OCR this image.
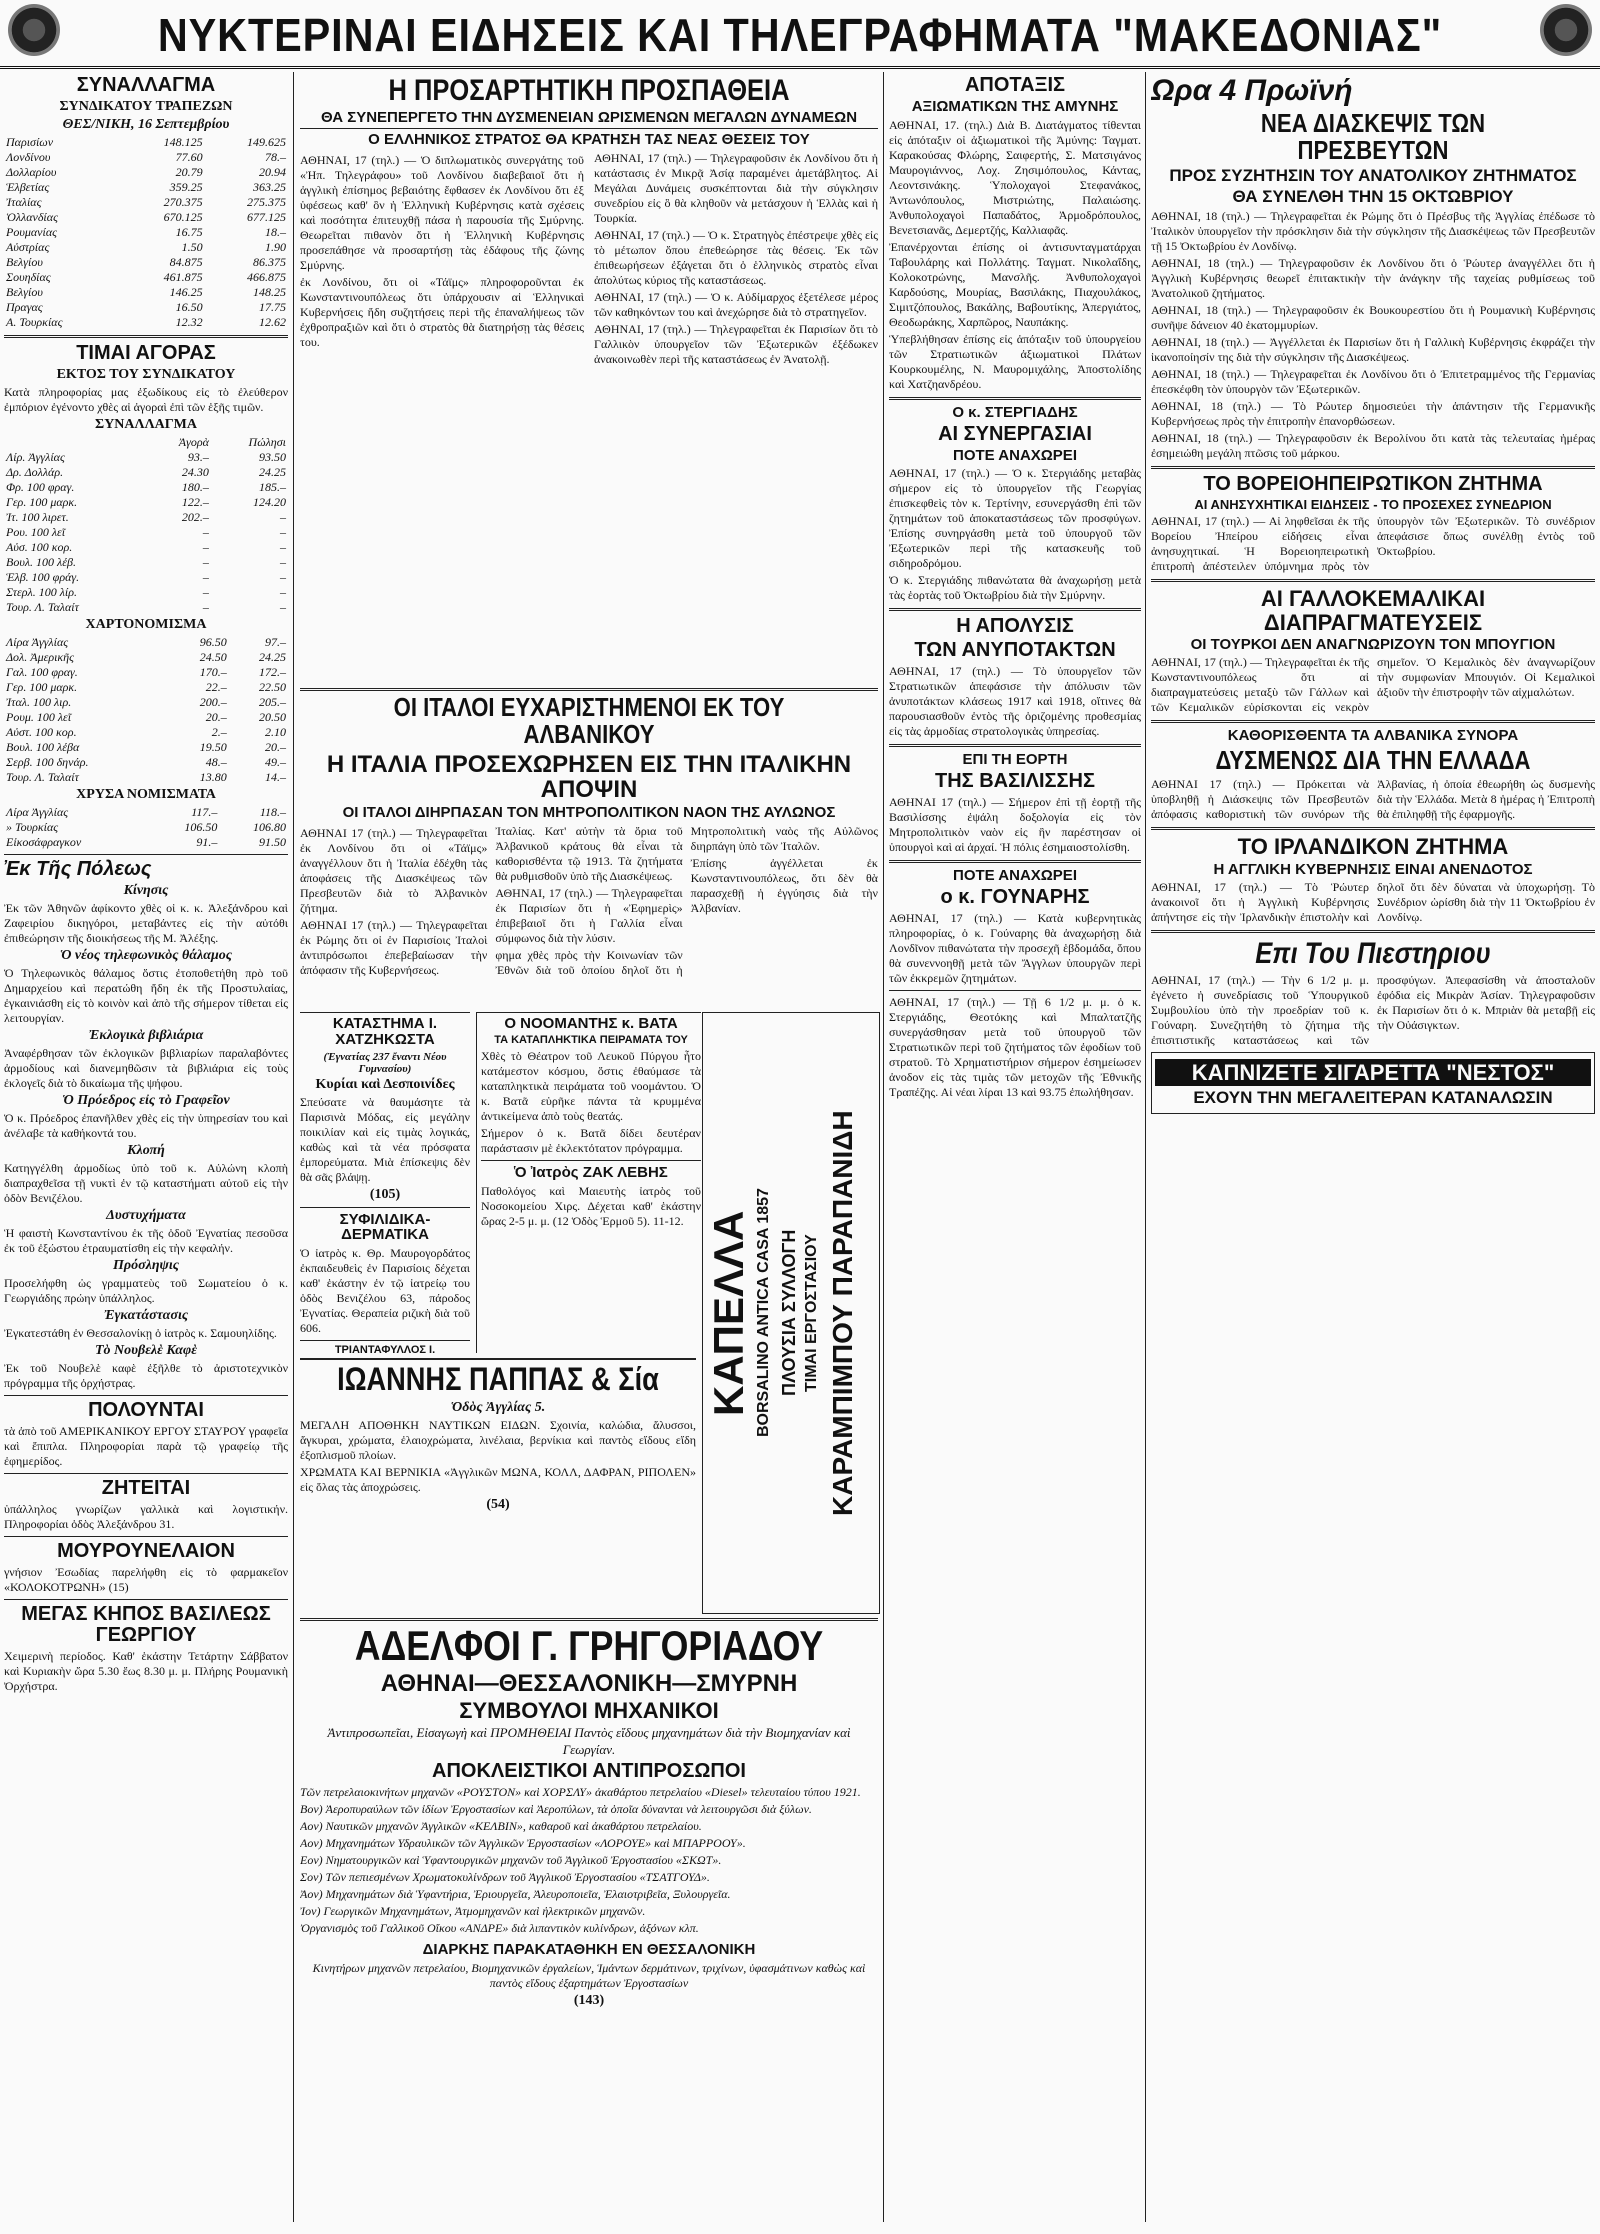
ΝΥΚΤΕΡΙΝΑΙ ΕΙΔΗΣΕΙΣ ΚΑΙ ΤΗΛΕΓΡΑΦΗΜΑΤΑ "ΜΑΚΕΔΟΝΙΑΣ"
ΣΥΝΑΛΛΑΓΜΑ
ΣΥΝΔΙΚΑΤΟΥ ΤΡΑΠΕΖΩΝ
ΘΕΣ/ΝΙΚΗ, 16 Σεπτεμβρίου
Παρισίων	148.125	149.625
Λονδίνου	77.60	78.–
Δολλαρίου	20.79	20.94
Ἑλβετίας	359.25	363.25
Ἰταλίας	270.375	275.375
Ὁλλανδίας	670.125	677.125
Ρουμανίας	16.75	18.–
Αὐστρίας	1.50	1.90
Βελγίου	84.875	86.375
Σουηδίας	461.875	466.875
Βελγίου	146.25	148.25
Πραγας	16.50	17.75
Α. Τουρκίας	12.32	12.62
ΤΙΜΑΙ ΑΓΟΡΑΣ
ΕΚΤΟΣ ΤΟΥ ΣΥΝΔΙΚΑΤΟΥ
Κατὰ πληροφορίας μας ἐξωδίκους εἰς τὸ ἐλεύθερον ἐμπόριον ἐγένοντο χθὲς αἱ ἀγοραὶ ἐπὶ τῶν ἑξῆς τιμῶν.
ΣΥΝΑΛΛΑΓΜΑ
	Ἀγορὰ	Πώλησι
Λίρ. Ἀγγλίας	93.–	93.50
Δρ. Δολλάρ.	24.30	24.25
Φρ. 100 φραγ.	180.–	185.–
Γερ. 100 μαρκ.	122.–	124.20
Ἰτ. 100 λιρετ.	202.–	–
Ρου. 100 λεῖ	–	–
Αὐσ. 100 κορ.	–	–
Βουλ. 100 λέβ.	–	–
Ἑλβ. 100 φράγ.	–	–
Στερλ. 100 λίρ.	–	–
Τουρ. Λ. Ταλαίτ	–	–
ΧΑΡΤΟΝΟΜΙΣΜΑ
Λίρα Ἀγγλίας	96.50	97.–
Δολ. Ἀμερικῆς	24.50	24.25
Γαλ. 100 φραγ.	170.–	172.–
Γερ. 100 μαρκ.	22.–	22.50
Ἰταλ. 100 λιρ.	200.–	205.–
Ρουμ. 100 λεῖ	20.–	20.50
Αὐστ. 100 κορ.	2.–	2.10
Βουλ. 100 λέβα	19.50	20.–
Σερβ. 100 δηνάρ.	48.–	49.–
Τουρ. Λ. Ταλαίτ	13.80	14.–
ΧΡΥΣΑ ΝΟΜΙΣΜΑΤΑ
Λίρα Ἀγγλίας	117.–	118.–
» Τουρκίας	106.50	106.80
Εἰκοσάφραγκον	91.–	91.50
Ἐκ Τῆς Πόλεως
Κίνησις
Ἐκ τῶν Ἀθηνῶν ἀφίκοντο χθὲς οἱ κ. κ. Ἀλεξάνδρου καὶ Ζαφειρίου δικηγόροι, μεταβάντες εἰς τὴν αὐτόθι ἐπιθεώρησιν τῆς διοικήσεως τῆς Μ. Ἀλέξης.
Ὁ νέος τηλεφωνικὸς θάλαμος
Ὁ Τηλεφωνικὸς θάλαμος ὅστις ἐτοποθετήθη πρὸ τοῦ Δημαρχείου καὶ περατώθη ἤδη ἐκ τῆς Προστυλαίας, ἐγκαινιάσθη εἰς τὸ κοινὸν καὶ ἀπὸ τῆς σήμερον τίθεται εἰς λειτουργίαν.
Ἐκλογικὰ βιβλιάρια
Ἀναφέρθησαν τῶν ἐκλογικῶν βιβλιαρίων παραλαβόντες ἀρμοδίους καὶ διανεμηθῶσιν τὰ βιβλιάρια εἰς τοὺς ἐκλογεῖς διὰ τὸ δικαίωμα τῆς ψήφου.
Ὁ Πρόεδρος εἰς τὸ Γραφεῖον
Ὁ κ. Πρόεδρος ἐπανῆλθεν χθὲς εἰς τὴν ὑπηρεσίαν του καὶ ἀνέλαβε τὰ καθήκοντά του.
Κλοπή
Κατηγγέλθη ἀρμοδίως ὑπὸ τοῦ κ. Αὐλώνη κλοπὴ διαπραχθεῖσα τῇ νυκτὶ ἐν τῷ καταστήματι αὐτοῦ εἰς τὴν ὁδὸν Βενιζέλου.
Δυστυχήματα
Ἡ φαιστὴ Κωνσταντίνου ἐκ τῆς ὁδοῦ Ἐγνατίας πεσοῦσα ἐκ τοῦ ἐξώστου ἐτραυματίσθη εἰς τὴν κεφαλήν.
Πρόσληψις
Προσελήφθη ὡς γραμματεὺς τοῦ Σωματείου ὁ κ. Γεωργιάδης πρώην ὑπάλληλος.
Ἐγκατάστασις
Ἐγκατεστάθη ἐν Θεσσαλονίκῃ ὁ ἰατρὸς κ. Σαμουηλίδης.
Τὸ Νουβελὲ Καφὲ
Ἐκ τοῦ Νουβελὲ καφὲ ἐξῆλθε τὸ ἀριστοτεχνικὸν πρόγραμμα τῆς ὀρχήστρας.
ΠΟΛΟΥΝΤΑΙ
τὰ ἀπὸ τοῦ ΑΜΕΡΙΚΑΝΙΚΟΥ ΕΡΓΟΥ ΣΤΑΥΡΟΥ γραφεῖα καὶ ἔπιπλα. Πληροφορίαι παρὰ τῷ γραφείῳ τῆς ἐφημερίδος.
ΖΗΤΕΙΤΑΙ
ὑπάλληλος γνωρίζων γαλλικὰ καὶ λογιστικήν. Πληροφορίαι ὁδὸς Ἀλεξάνδρου 31.
ΜΟΥΡΟΥΝΕΛΑΙΟΝ
γνήσιον Ἐσωδίας παρελήφθη εἰς τὸ φαρμακεῖον «ΚΟΛΟΚΟΤΡΩΝΗ» (15)
ΜΕΓΑΣ ΚΗΠΟΣ ΒΑΣΙΛΕΩΣ ΓΕΩΡΓΙΟΥ
Χειμερινὴ περίοδος. Καθ' ἑκάστην Τετάρτην Σάββατον καὶ Κυριακὴν ὥρα 5.30 ἕως 8.30 μ. μ. Πλήρης Ρουμανικὴ Ὀρχήστρα.
Η ΠΡΟΣΑΡΤΗΤΙΚΗ ΠΡΟΣΠΑΘΕΙΑ
ΘΑ ΣΥΝΕΠΕΡΓΕΤΟ ΤΗΝ ΔΥΣΜΕΝΕΙΑΝ ΩΡΙΣΜΕΝΩΝ ΜΕΓΑΛΩΝ ΔΥΝΑΜΕΩΝ
Ο ΕΛΛΗΝΙΚΟΣ ΣΤΡΑΤΟΣ ΘΑ ΚΡΑΤΗΣΗ ΤΑΣ ΝΕΑΣ ΘΕΣΕΙΣ ΤΟΥ
ΑΘΗΝΑΙ, 17 (τηλ.) — Ὁ διπλωματικὸς συνεργάτης τοῦ «Ἠπ. Τηλεγράφου» τοῦ Λονδίνου διαβεβαιοῖ ὅτι ἡ ἀγγλικὴ ἐπίσημος βεβαιότης ἔφθασεν ἐκ Λονδίνου ὅτι ἐξ ὑφέσεως καθ' ὃν ἡ Ἑλληνικὴ Κυβέρνησις κατὰ σχέσεις καὶ ποσότητα ἐπιτευχθῇ πάσα ἡ παρουσία τῆς Σμύρνης. Θεωρεῖται πιθανὸν ὅτι ἡ Ἑλληνικὴ Κυβέρνησις προσεπάθησε νὰ προσαρτήσῃ τὰς ἐδάφους τῆς ζώνης Σμύρνης.
ἐκ Λονδίνου, ὅτι οἱ «Τάϊμς» πληροφοροῦνται ἐκ Κωνσταντινουπόλεως ὅτι ὑπάρχουσιν αἱ Ἑλληνικαὶ Κυβερνήσεις ἤδη συζητήσεις περὶ τῆς ἐπαναλήψεως τῶν ἐχθροπραξιῶν καὶ ὅτι ὁ στρατὸς θὰ διατηρήσῃ τὰς θέσεις του.
ΑΘΗΝΑΙ, 17 (τηλ.) — Τηλεγραφοῦσιν ἐκ Λονδίνου ὅτι ἡ κατάστασις ἐν Μικρᾷ Ἀσίᾳ παραμένει ἀμετάβλητος. Αἱ Μεγάλαι Δυνάμεις συσκέπτονται διὰ τὴν σύγκλησιν συνεδρίου εἰς ὃ θὰ κληθοῦν νὰ μετάσχουν ἡ Ἑλλὰς καὶ ἡ Τουρκία.
ΑΘΗΝΑΙ, 17 (τηλ.) — Ὁ κ. Στρατηγὸς ἐπέστρεψε χθὲς εἰς τὸ μέτωπον ὅπου ἐπεθεώρησε τὰς θέσεις. Ἐκ τῶν ἐπιθεωρήσεων ἐξάγεται ὅτι ὁ ἑλληνικὸς στρατὸς εἶναι ἀπολύτως κύριος τῆς καταστάσεως.
ΑΘΗΝΑΙ, 17 (τηλ.) — Ὁ κ. Αὐδίμαρχος ἐξετέλεσε μέρος τῶν καθηκόντων του καὶ ἀνεχώρησε διὰ τὸ στρατηγεῖον.
ΑΘΗΝΑΙ, 17 (τηλ.) — Τηλεγραφεῖται ἐκ Παρισίων ὅτι τὸ Γαλλικὸν ὑπουργεῖον τῶν Ἐξωτερικῶν ἐξέδωκεν ἀνακοινωθὲν περὶ τῆς καταστάσεως ἐν Ἀνατολῇ.
ΟΙ ΙΤΑΛΟΙ ΕΥΧΑΡΙΣΤΗΜΕΝΟΙ ΕΚ ΤΟΥ ΑΛΒΑΝΙΚΟΥ
Η ΙΤΑΛΙΑ ΠΡΟΣΕΧΩΡΗΣΕΝ ΕΙΣ ΤΗΝ ΙΤΑΛΙΚΗΝ ΑΠΟΨΙΝ
ΟΙ ΙΤΑΛΟΙ ΔΙΗΡΠΑΣΑΝ ΤΟΝ ΜΗΤΡΟΠΟΛΙΤΙΚΟΝ ΝΑΟΝ ΤΗΣ ΑΥΛΩΝΟΣ
ΑΘΗΝΑΙ 17 (τηλ.) — Τηλεγραφεῖται ἐκ Λονδίνου ὅτι οἱ «Τάϊμς» ἀναγγέλλουν ὅτι ἡ Ἰταλία ἐδέχθη τὰς ἀποφάσεις τῆς Διασκέψεως τῶν Πρεσβευτῶν διὰ τὸ Ἀλβανικὸν ζήτημα.
ΑΘΗΝΑΙ 17 (τηλ.) — Τηλεγραφεῖται ἐκ Ρώμης ὅτι οἱ ἐν Παρισίοις Ἰταλοὶ ἀντιπρόσωποι ἐπεβεβαίωσαν τὴν ἀπόφασιν τῆς Κυβερνήσεως.
Ἰταλίας. Κατ' αὐτὴν τὰ ὅρια τοῦ Ἀλβανικοῦ κράτους θὰ εἶναι τὰ καθορισθέντα τῷ 1913. Τὰ ζητήματα θὰ ρυθμισθοῦν ὑπὸ τῆς Διασκέψεως.
ΑΘΗΝΑΙ, 17 (τηλ.) — Τηλεγραφεῖται ἐκ Παρισίων ὅτι ἡ «Ἐφημερὶς» ἐπιβεβαιοῖ ὅτι ἡ Γαλλία εἶναι σύμφωνος διὰ τὴν λύσιν.
φημα χθὲς πρὸς τὴν Κοινωνίαν τῶν Ἐθνῶν διὰ τοῦ ὁποίου δηλοῖ ὅτι ἡ Μητροπολιτικὴ ναὸς τῆς Αὐλῶνος διηρπάγη ὑπὸ τῶν Ἰταλῶν.
Ἐπίσης ἀγγέλλεται ἐκ Κωνσταντινουπόλεως, ὅτι δὲν θὰ παρασχεθῇ ἡ ἐγγύησις διὰ τὴν Ἀλβανίαν.
ΚΑΤΑΣΤΗΜΑ Ι. ΧΑΤΖΗΚΩΣΤΑ
(Ἐγνατίας 237 ἔναντι Νέου Γυμνασίου)
Κυρίαι καὶ Δεσποινίδες
Σπεύσατε νὰ θαυμάσητε τὰ Παρισινὰ Μόδας, εἰς μεγάλην ποικιλίαν καὶ εἰς τιμὰς λογικάς, καθὼς καὶ τὰ νέα πρόσφατα ἐμπορεύματα. Μιὰ ἐπίσκεψις δὲν θὰ σᾶς βλάψῃ.
(105)
ΣΥΦΙΛΙΔΙΚΑ-ΔΕΡΜΑΤΙΚΑ
Ὁ ἰατρὸς κ. Θρ. Μαυρογορδάτος ἐκπαιδευθεὶς ἐν Παρισίοις δέχεται καθ' ἑκάστην ἐν τῷ ἰατρείῳ του ὁδὸς Βενιζέλου 63, πάροδος Ἐγνατίας. Θεραπεία ριζικὴ διὰ τοῦ 606.
ΤΡΙΑΝΤΑΦΥΛΛΟΣ Ι.
Ο ΝΟΟΜΑΝΤΗΣ κ. ΒΑΤΑ
ΤΑ ΚΑΤΑΠΛΗΚΤΙΚΑ ΠΕΙΡΑΜΑΤΑ ΤΟΥ
Χθὲς τὸ Θέατρον τοῦ Λευκοῦ Πύργου ἦτο κατάμεστον κόσμου, ὅστις ἐθαύμασε τὰ καταπληκτικὰ πειράματα τοῦ νοομάντου. Ὁ κ. Βατᾶ εὑρῆκε πάντα τὰ κρυμμένα ἀντικείμενα ἀπὸ τοὺς θεατάς.
Σήμερον ὁ κ. Βατᾶ δίδει δευτέραν παράστασιν μὲ ἐκλεκτότατον πρόγραμμα.
Ὁ Ἰατρὸς ΖΑΚ ΛΕΒΗΣ
Παθολόγος καὶ Μαιευτὴς ἰατρὸς τοῦ Νοσοκομείου Χιρς. Δέχεται καθ' ἑκάστην ὥρας 2-5 μ. μ. (12 Ὁδὸς Ἑρμοῦ 5). 11-12. ΚΑΠΕΛΛΑ BORSALINO ANTICA CASA 1857 ΠΛΟΥΣΙΑ ΣΥΛΛΟΓΗ ΤΙΜΑΙ ΕΡΓΟΣΤΑΣΙΟΥ ΚΑΡΑΜΠΙΜΠΟΥ ΠΑΡΑΠΑΝΙΔΗ
ΙΩΑΝΝΗΣ ΠΑΠΠΑΣ & Σία
Ὁδὸς Ἀγγλίας 5.
ΜΕΓΑΛΗ ΑΠΟΘΗΚΗ ΝΑΥΤΙΚΩΝ ΕΙΔΩΝ. Σχοινία, καλώδια, ἄλυσσοι, ἄγκυραι, χρώματα, ἐλαιοχρώματα, λινέλαια, βερνίκια καὶ παντὸς εἴδους εἴδη ἐξοπλισμοῦ πλοίων.
ΧΡΩΜΑΤΑ ΚΑΙ ΒΕΡΝΙΚΙΑ «Ἀγγλικῶν ΜΩΝΑ, ΚΟΛΛ, ΔΑΦΡΑΝ, ΡΙΠΟΛΕΝ» εἰς ὅλας τὰς ἀποχρώσεις.
(54)
ΑΔΕΛΦΟΙ Γ. ΓΡΗΓΟΡΙΑΔΟΥ
ΑΘΗΝΑΙ—ΘΕΣΣΑΛΟΝΙΚΗ—ΣΜΥΡΝΗ
ΣΥΜΒΟΥΛΟΙ ΜΗΧΑΝΙΚΟΙ
Ἀντιπροσωπεῖαι, Εἰσαγωγὴ καὶ ΠΡΟΜΗΘΕΙΑΙ Παντὸς εἴδους μηχανημάτων διὰ τὴν Βιομηχανίαν καὶ Γεωργίαν.
ΑΠΟΚΛΕΙΣΤΙΚΟΙ ΑΝΤΙΠΡΟΣΩΠΟΙ
Τῶν πετρελαιοκινήτων μηχανῶν «ΡΟΥΣΤΟΝ» καὶ ΧΟΡΣΛΥ» ἀκαθάρτου πετρελαίου «Diesel» τελευταίου τύπου 1921.
Βον) Ἀεροπυραύλων τῶν ἰδίων Ἐργοστασίων καὶ Ἀεροπύλων, τὰ ὁποῖα δύνανται νὰ λειτουργῶσι διὰ ξύλων.
Αον) Ναυτικῶν μηχανῶν Ἀγγλικῶν «ΚΕΛΒΙΝ», καθαροῦ καὶ ἀκαθάρτου πετρελαίου.
Αον) Μηχανημάτων Υδραυλικῶν τῶν Ἀγγλικῶν Ἐργοστασίων «ΛΟΡΟΥΕ» καὶ ΜΠΑΡΡΟΟΥ».
Εον) Νηματουργικῶν καὶ Ὑφαντουργικῶν μηχανῶν τοῦ Ἀγγλικοῦ Ἐργοστασίου «ΣΚΩΤ».
Σον) Τῶν πεπιεσμένων Χρωματοκυλίνδρων τοῦ Ἀγγλικοῦ Ἐργοστασίου «ΤΣΑΤΓΟΥΔ».
Ἀον) Μηχανημάτων διὰ Ὑφαντήρια, Ἐριουργεῖα, Ἀλευροποιεῖα, Ἐλαιοτριβεῖα, Ξυλουργεῖα.
Ἰον) Γεωργικῶν Μηχανημάτων, Ἀτμομηχανῶν καὶ ἠλεκτρικῶν μηχανῶν.
Ὀργανισμὸς τοῦ Γαλλικοῦ Οἴκου «ΑΝΔΡΕ» διὰ λιπαντικὸν κυλίνδρων, ἀξόνων κλπ.
ΔΙΑΡΚΗΣ ΠΑΡΑΚΑΤΑΘΗΚΗ ΕΝ ΘΕΣΣΑΛΟΝΙΚΗ
Κινητήρων μηχανῶν πετρελαίου, Βιομηχανικῶν ἐργαλείων, Ἱμάντων δερμάτινων, τριχίνων, ὑφασμάτινων καθὼς καὶ παντὸς εἴδους ἐξαρτημάτων Ἐργοστασίων
(143)
ΑΠΟΤΑΞΙΣ
ΑΞΙΩΜΑΤΙΚΩΝ ΤΗΣ ΑΜΥΝΗΣ
ΑΘΗΝΑΙ, 17. (τηλ.) Διὰ Β. Διατάγματος τίθενται εἰς ἀπόταξιν οἱ ἀξιωματικοὶ τῆς Ἀμύνης: Ταγματ. Καρακούσας Φλώρης, Σαιφερτής, Σ. Ματσιγάνος Μαυρογιάννος, Λοχ. Ζησιμόπουλος, Κάντας, Λεοντσινάκης. Ὑπολοχαγοὶ Στεφανάκος, Ἀντωνόπουλος, Μιστριώτης, Παλαιώσης. Ἀνθυπολοχαγοὶ Παπαδάτος, Ἀρμοδρόπουλος, Βενετσιανᾶς, Δεμερτζής, Καλλιαφᾶς.
Ἐπανέρχονται ἐπίσης οἱ ἀντισυνταγματάρχαι Ταβουλάρης καὶ Πολλάτης. Ταγματ. Νικολαΐδης, Κολοκοτρώνης, Μανσλῆς. Ἀνθυπολοχαγοὶ Καρδούσης, Μουρίας, Βασιλάκης, Πιαχουλάκος, Σιμιτζόπουλος, Βακάλης, Βαβουτίκης, Ἀπεργιάτος, Θεοδωράκης, Χαρπῶρος, Ναυπάκης.
Ὑπεβλήθησαν ἐπίσης εἰς ἀπόταξιν τοῦ ὑπουργείου τῶν Στρατιωτικῶν ἀξιωματικοὶ Πλάτων Κουρκουμέλης, Ν. Μαυρομιχάλης, Ἀποστολίδης καὶ Χατζηανδρέου.
Ο κ. ΣΤΕΡΓΙΑΔΗΣ
ΑΙ ΣΥΝΕΡΓΑΣΙΑΙ
ΠΟΤΕ ΑΝΑΧΩΡΕΙ
ΑΘΗΝΑΙ, 17 (τηλ.) — Ὁ κ. Στεργιάδης μεταβὰς σήμερον εἰς τὸ ὑπουργεῖον τῆς Γεωργίας ἐπισκεφθεὶς τὸν κ. Τερτίνην, εσυνεργάσθη ἐπὶ τῶν ζητημάτων τοῦ ἀποκαταστάσεως τῶν προσφύγων. Ἐπίσης συνηργάσθη μετὰ τοῦ ὑπουργοῦ τῶν Ἐξωτερικῶν περὶ τῆς κατασκευῆς τοῦ σιδηροδρόμου.
Ὁ κ. Στεργιάδης πιθανώτατα θὰ ἀναχωρήσῃ μετὰ τὰς ἑορτὰς τοῦ Ὀκτωβρίου διὰ τὴν Σμύρνην.
Η ΑΠΟΛΥΣΙΣ
ΤΩΝ ΑΝΥΠΟΤΑΚΤΩΝ
ΑΘΗΝΑΙ, 17 (τηλ.) — Τὸ ὑπουργεῖον τῶν Στρατιωτικῶν ἀπεφάσισε τὴν ἀπόλυσιν τῶν ἀνυποτάκτων κλάσεως 1917 καὶ 1918, οἵτινες θὰ παρουσιασθοῦν ἐντὸς τῆς ὁριζομένης προθεσμίας εἰς τὰς ἀρμοδίας στρατολογικὰς ὑπηρεσίας.
ΕΠΙ ΤΗ ΕΟΡΤΗ
ΤΗΣ ΒΑΣΙΛΙΣΣΗΣ
ΑΘΗΝΑΙ 17 (τηλ.) — Σήμερον ἐπὶ τῇ ἑορτῇ τῆς Βασιλίσσης ἐψάλη δοξολογία εἰς τὸν Μητροπολιτικὸν ναὸν εἰς ἣν παρέστησαν οἱ ὑπουργοὶ καὶ αἱ ἀρχαί. Ἡ πόλις ἐσημαιοστολίσθη.
ΠΟΤΕ ΑΝΑΧΩΡΕΙ
ο κ. ΓΟΥΝΑΡΗΣ
ΑΘΗΝΑΙ, 17 (τηλ.) — Κατὰ κυβερνητικὰς πληροφορίας, ὁ κ. Γούναρης θὰ ἀναχωρήσῃ διὰ Λονδῖνον πιθανώτατα τὴν προσεχῆ ἑβδομάδα, ὅπου θὰ συνεννοηθῇ μετὰ τῶν Ἄγγλων ὑπουργῶν περὶ τῶν ἐκκρεμῶν ζητημάτων.
ΑΘΗΝΑΙ, 17 (τηλ.) — Τῇ 6 1/2 μ. μ. ὁ κ. Στεργιάδης, Θεοτόκης καὶ Μπαλτατζῆς συνεργάσθησαν μετὰ τοῦ ὑπουργοῦ τῶν Στρατιωτικῶν περὶ τοῦ ζητήματος τῶν ἐφοδίων τοῦ στρατοῦ. Τὸ Χρηματιστήριον σήμερον ἐσημείωσεν ἀνοδον εἰς τὰς τιμὰς τῶν μετοχῶν τῆς Ἐθνικῆς Τραπέζης. Αἱ νέαι λίραι 13 καὶ 93.75 ἐπωλήθησαν.
Ωρα 4 Πρωϊνή
ΝΕΑ ΔΙΑΣΚΕΨΙΣ ΤΩΝ ΠΡΕΣΒΕΥΤΩΝ
ΠΡΟΣ ΣΥΖΗΤΗΣΙΝ ΤΟΥ ΑΝΑΤΟΛΙΚΟΥ ΖΗΤΗΜΑΤΟΣ
ΘΑ ΣΥΝΕΛΘΗ ΤΗΝ 15 ΟΚΤΩΒΡΙΟΥ
ΑΘΗΝΑΙ, 18 (τηλ.) — Τηλεγραφεῖται ἐκ Ρώμης ὅτι ὁ Πρέσβυς τῆς Ἀγγλίας ἐπέδωσε τὸ Ἰταλικὸν ὑπουργεῖον τὴν πρόσκλησιν διὰ τὴν σύγκλησιν τῆς Διασκέψεως τῶν Πρεσβευτῶν τῇ 15 Ὀκτωβρίου ἐν Λονδίνῳ.
ΑΘΗΝΑΙ, 18 (τηλ.) — Τηλεγραφοῦσιν ἐκ Λονδίνου ὅτι ὁ Ῥώυτερ ἀναγγέλλει ὅτι ἡ Ἀγγλικὴ Κυβέρνησις θεωρεῖ ἐπιτακτικὴν τὴν ἀνάγκην τῆς ταχείας ρυθμίσεως τοῦ Ἀνατολικοῦ ζητήματος.
ΑΘΗΝΑΙ, 18 (τηλ.) — Τηλεγραφοῦσιν ἐκ Βουκουρεστίου ὅτι ἡ Ρουμανικὴ Κυβέρνησις συνῆψε δάνειον 40 ἑκατομμυρίων.
ΑΘΗΝΑΙ, 18 (τηλ.) — Ἀγγέλλεται ἐκ Παρισίων ὅτι ἡ Γαλλικὴ Κυβέρνησις ἐκφράζει τὴν ἱκανοποίησίν της διὰ τὴν σύγκλησιν τῆς Διασκέψεως.
ΑΘΗΝΑΙ, 18 (τηλ.) — Τηλεγραφεῖται ἐκ Λονδίνου ὅτι ὁ Ἐπιτετραμμένος τῆς Γερμανίας ἐπεσκέφθη τὸν ὑπουργὸν τῶν Ἐξωτερικῶν.
ΑΘΗΝΑΙ, 18 (τηλ.) — Τὸ Ρώυτερ δημοσιεύει τὴν ἀπάντησιν τῆς Γερμανικῆς Κυβερνήσεως πρὸς τὴν ἐπιτροπὴν ἐπανορθώσεων.
ΑΘΗΝΑΙ, 18 (τηλ.) — Τηλεγραφοῦσιν ἐκ Βερολίνου ὅτι κατὰ τὰς τελευταίας ἡμέρας ἐσημειώθη μεγάλη πτῶσις τοῦ μάρκου.
ΤΟ ΒΟΡΕΙΟΗΠΕΙΡΩΤΙΚΟΝ ΖΗΤΗΜΑ
ΑΙ ΑΝΗΣΥΧΗΤΙΚΑΙ ΕΙΔΗΣΕΙΣ - ΤΟ ΠΡΟΣΕΧΕΣ ΣΥΝΕΔΡΙΟΝ
ΑΘΗΝΑΙ, 17 (τηλ.) — Αἱ ληφθεῖσαι ἐκ τῆς Βορείου Ἠπείρου εἰδήσεις εἶναι ἀνησυχητικαί. Ἡ Βορειοηπειρωτικὴ ἐπιτροπὴ ἀπέστειλεν ὑπόμνημα πρὸς τὸν ὑπουργὸν τῶν Ἐξωτερικῶν. Τὸ συνέδριον ἀπεφάσισε ὅπως συνέλθῃ ἐντὸς τοῦ Ὀκτωβρίου.
ΑΙ ΓΑΛΛΟΚΕΜΑΛΙΚΑΙ ΔΙΑΠΡΑΓΜΑΤΕΥΣΕΙΣ
ΟΙ ΤΟΥΡΚΟΙ ΔΕΝ ΑΝΑΓΝΩΡΙΖΟΥΝ ΤΟΝ ΜΠΟΥΓΙΟΝ
ΑΘΗΝΑΙ, 17 (τηλ.) — Τηλεγραφεῖται ἐκ τῆς Κωνσταντινουπόλεως ὅτι αἱ διαπραγματεύσεις μεταξὺ τῶν Γάλλων καὶ τῶν Κεμαλικῶν εὑρίσκονται εἰς νεκρὸν σημεῖον. Ὁ Κεμαλικὸς δὲν ἀναγνωρίζουν τὴν συμφωνίαν Μπουγιόν. Οἱ Κεμαλικοὶ ἀξιοῦν τὴν ἐπιστροφὴν τῶν αἰχμαλώτων.
ΚΑΘΟΡΙΣΘΕΝΤΑ ΤΑ ΑΛΒΑΝΙΚΑ ΣΥΝΟΡΑ
ΔΥΣΜΕΝΩΣ ΔΙΑ ΤΗΝ ΕΛΛΑΔΑ
ΑΘΗΝΑΙ 17 (τηλ.) — Πρόκειται νὰ ὑποβληθῇ ἡ Διάσκεψις τῶν Πρεσβευτῶν ἀπόφασις καθοριστικὴ τῶν συνόρων τῆς Ἀλβανίας, ἡ ὁποία ἐθεωρήθη ὡς δυσμενὴς διὰ τὴν Ἑλλάδα. Μετὰ 8 ἡμέρας ἡ Ἐπιτροπὴ θὰ ἐπιληφθῇ τῆς ἐφαρμογῆς.
ΤΟ ΙΡΛΑΝΔΙΚΟΝ ΖΗΤΗΜΑ
Η ΑΓΓΛΙΚΗ ΚΥΒΕΡΝΗΣΙΣ ΕΙΝΑΙ ΑΝΕΝΔΟΤΟΣ
ΑΘΗΝΑΙ, 17 (τηλ.) — Τὸ Ῥώυτερ ἀνακοινοῖ ὅτι ἡ Ἀγγλικὴ Κυβέρνησις ἀπήντησε εἰς τὴν Ἰρλανδικὴν ἐπιστολὴν καὶ δηλοῖ ὅτι δὲν δύναται νὰ ὑποχωρήσῃ. Τὸ Συνέδριον ὡρίσθη διὰ τὴν 11 Ὀκτωβρίου ἐν Λονδίνῳ.
Επι Του Πιεστηριου
ΑΘΗΝΑΙ, 17 (τηλ.) — Τὴν 6 1/2 μ. μ. ἐγένετο ἡ συνεδρίασις τοῦ Ὑπουργικοῦ Συμβουλίου ὑπὸ τὴν προεδρίαν τοῦ κ. Γούναρη. Συνεζητήθη τὸ ζήτημα τῆς ἐπισιτιστικῆς καταστάσεως καὶ τῶν προσφύγων. Ἀπεφασίσθη νὰ ἀποσταλοῦν ἐφόδια εἰς Μικρὰν Ἀσίαν. Τηλεγραφοῦσιν ἐκ Παρισίων ὅτι ὁ κ. Μπριὰν θὰ μεταβῇ εἰς τὴν Οὐάσιγκτων.
ΚΑΠΝΙΖΕΤΕ ΣΙΓΑΡΕΤΤΑ "ΝΕΣΤΟΣ"
ΕΧΟΥΝ ΤΗΝ ΜΕΓΑΛΕΙΤΕΡΑΝ ΚΑΤΑΝΑΛΩΣΙΝ
